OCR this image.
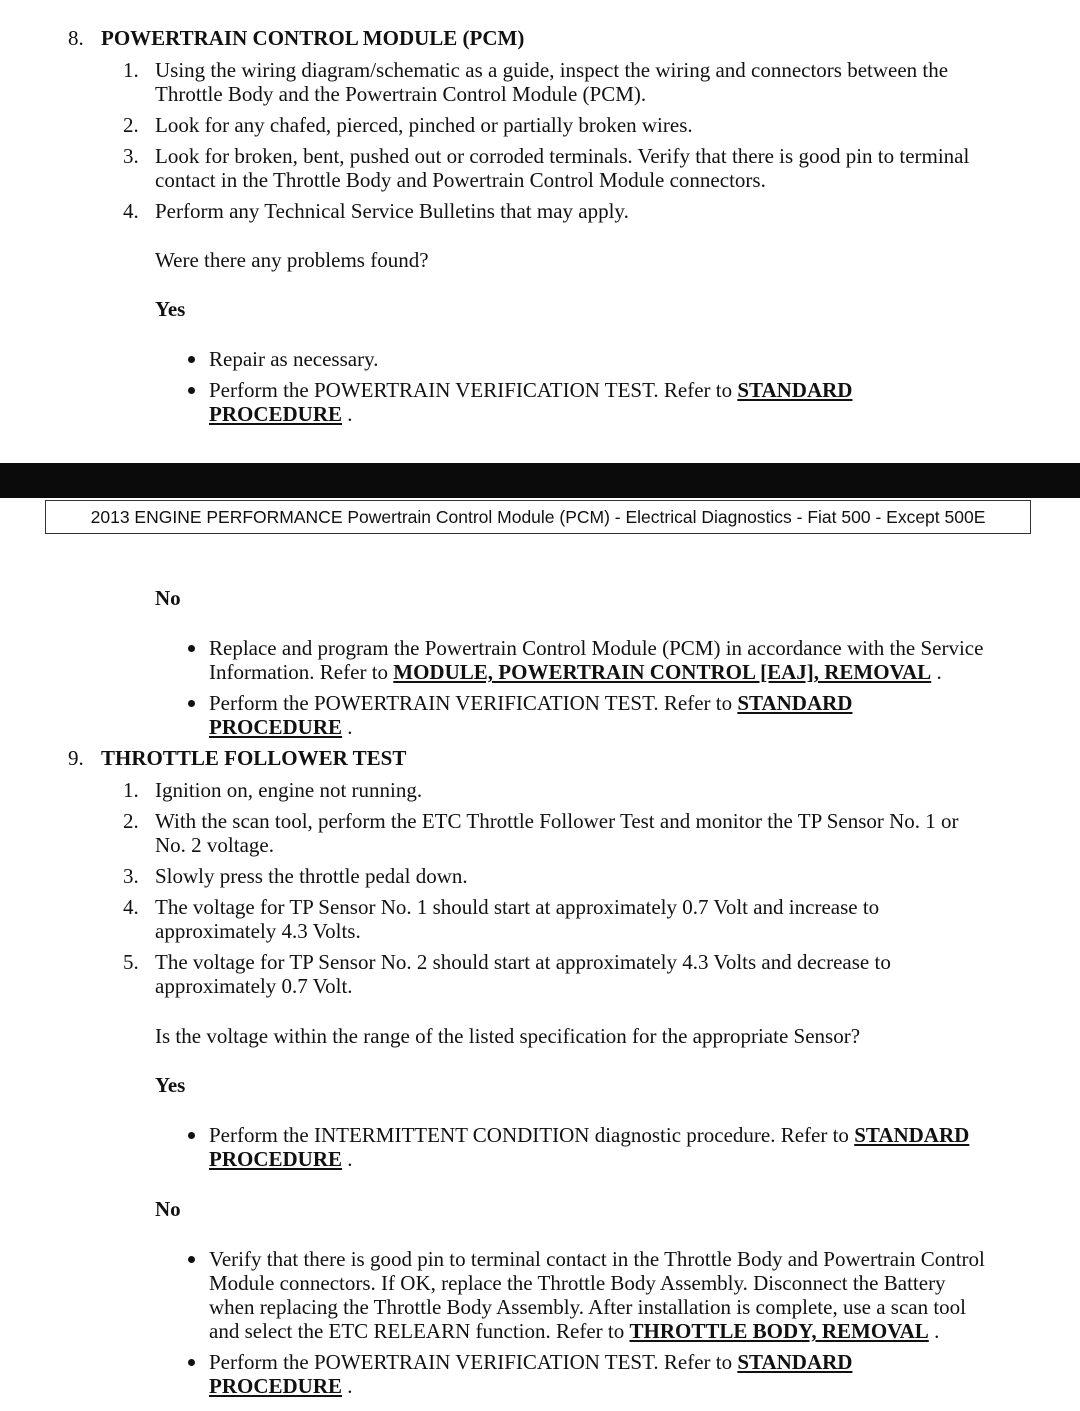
8. POWERTRAIN CONTROL MODULE (PCM)
1. Using the wiring diagram/schematic as a guide, inspect the wiring and connectors between the
Throttle Body and the Powertrain Control Module (PCM).
2. Look for any chafed, pierced, pinched or partially broken wires.
3. Look for broken, bent, pushed out or corroded terminals. Verify that there is good pin to terminal
contact in the Throttle Body and Powertrain Control Module connectors.
4. Perform any Technical Service Bulletins that may apply.
Were there any problems found?
Yes
Repair as necessary.
Perform the POWERTRAIN VERIFICATION TEST. Refer to STANDARD
PROCEDURE .
2013 ENGINE PERFORMANCE Powertrain Control Module (PCM) - Electrical Diagnostics - Fiat 500 - Except 500E
No
Replace and program the Powertrain Control Module (PCM) in accordance with the Service
Information. Refer to MODULE, POWERTRAIN CONTROL [EAJ], REMOVAL .
Perform the POWERTRAIN VERIFICATION TEST. Refer to STANDARD
PROCEDURE .
9. THROTTLE FOLLOWER TEST
1. Ignition on, engine not running.
2. With the scan tool, perform the ETC Throttle Follower Test and monitor the TP Sensor No. 1 or
No. 2 voltage.
3. Slowly press the throttle pedal down.
4. The voltage for TP Sensor No. 1 should start at approximately 0.7 Volt and increase to
approximately 4.3 Volts.
5. The voltage for TP Sensor No. 2 should start at approximately 4.3 Volts and decrease to
approximately 0.7 Volt.
Is the voltage within the range of the listed specification for the appropriate Sensor?
Yes
Perform the INTERMITTENT CONDITION diagnostic procedure. Refer to STANDARD
PROCEDURE .
No
Verify that there is good pin to terminal contact in the Throttle Body and Powertrain Control
Module connectors. If OK, replace the Throttle Body Assembly. Disconnect the Battery
when replacing the Throttle Body Assembly. After installation is complete, use a scan tool
and select the ETC RELEARN function. Refer to THROTTLE BODY, REMOVAL .
Perform the POWERTRAIN VERIFICATION TEST. Refer to STANDARD
PROCEDURE .
